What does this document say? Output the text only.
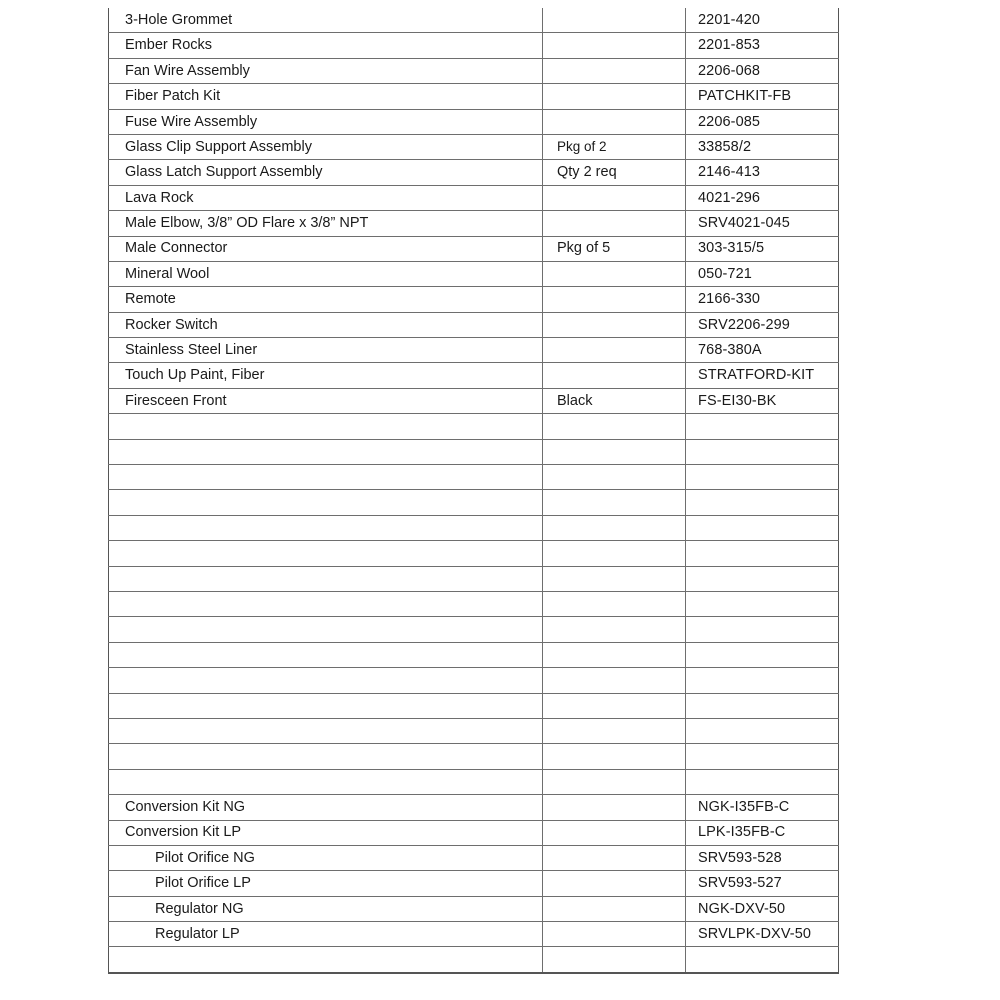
3-Hole Grommet		2201-420
Ember Rocks		2201-853
Fan Wire Assembly		2206-068
Fiber Patch Kit		PATCHKIT-FB
Fuse Wire Assembly		2206-085
Glass Clip Support Assembly	Pkg of 2	33858/2
Glass Latch Support Assembly	Qty 2 req	2146-413
Lava Rock		4021-296
Male Elbow, 3/8” OD Flare x 3/8” NPT		SRV4021-045
Male Connector	Pkg of 5	303-315/5
Mineral Wool		050-721
Remote		2166-330
Rocker Switch		SRV2206-299
Stainless Steel Liner		768-380A
Touch Up Paint, Fiber		STRATFORD-KIT
Firesceen Front	Black	FS-EI30-BK

Conversion Kit NG		NGK-I35FB-C
Conversion Kit LP		LPK-I35FB-C
Pilot Orifice NG		SRV593-528
Pilot Orifice LP		SRV593-527
Regulator NG		NGK-DXV-50
Regulator LP		SRVLPK-DXV-50
